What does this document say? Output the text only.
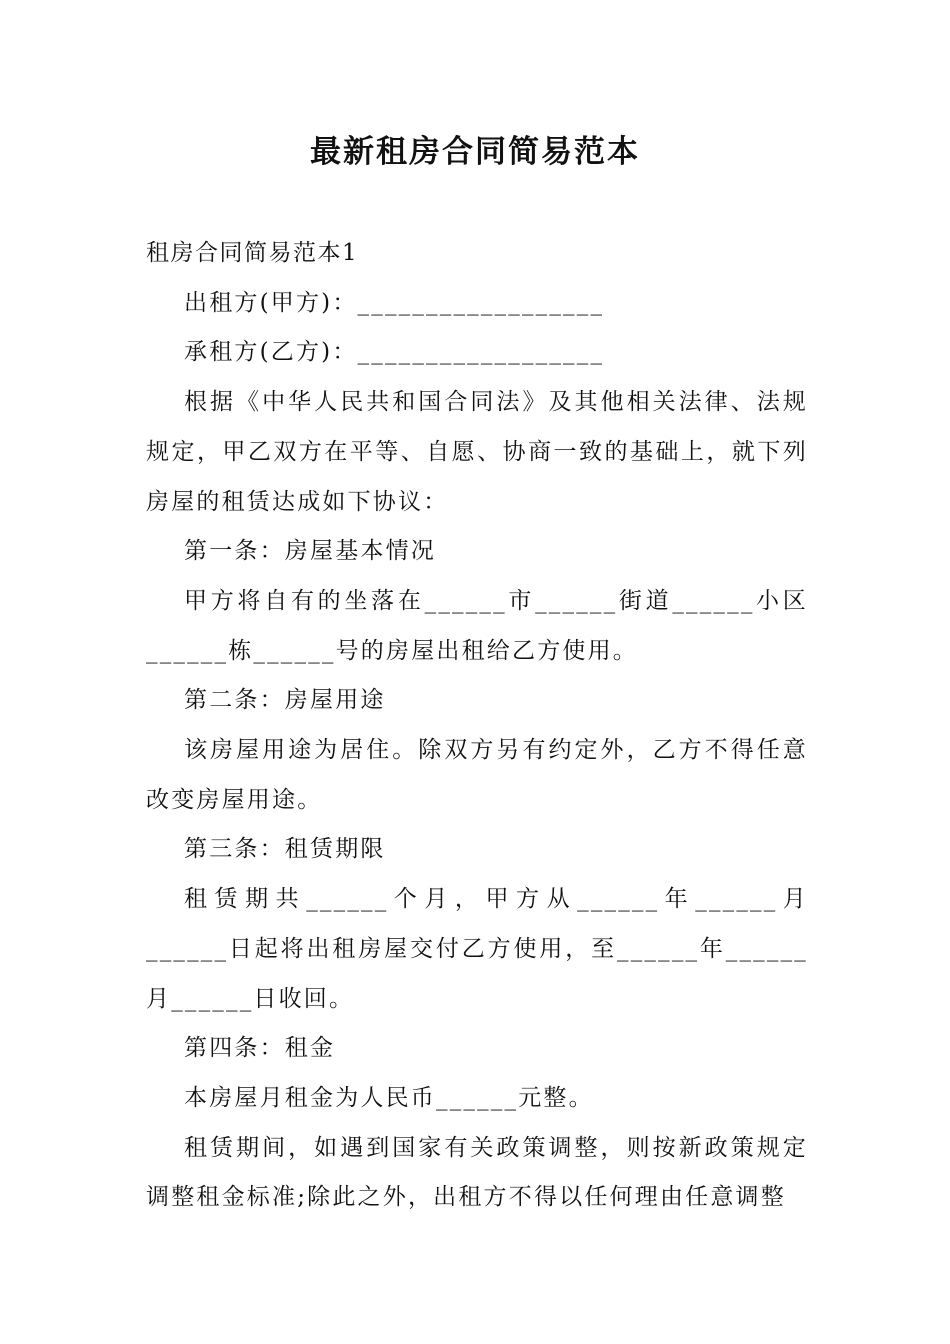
最新租房合同简易范本

租房合同简易范本1

出租方(甲方)：__________________

承租方(乙方)：__________________

根据《中华人民共和国合同法》及其他相关法律、法规规定，甲乙双方在平等、自愿、协商一致的基础上，就下列房屋的租赁达成如下协议：

第一条：房屋基本情况

甲方将自有的坐落在______市______街道______小区______栋______号的房屋出租给乙方使用。

第二条：房屋用途

该房屋用途为居住。除双方另有约定外，乙方不得任意改变房屋用途。

第三条：租赁期限

租赁期共______个月，甲方从______年______月______日起将出租房屋交付乙方使用，至______年______月______日收回。

第四条：租金

本房屋月租金为人民币______元整。

租赁期间，如遇到国家有关政策调整，则按新政策规定调整租金标准;除此之外，出租方不得以任何理由任意调整
